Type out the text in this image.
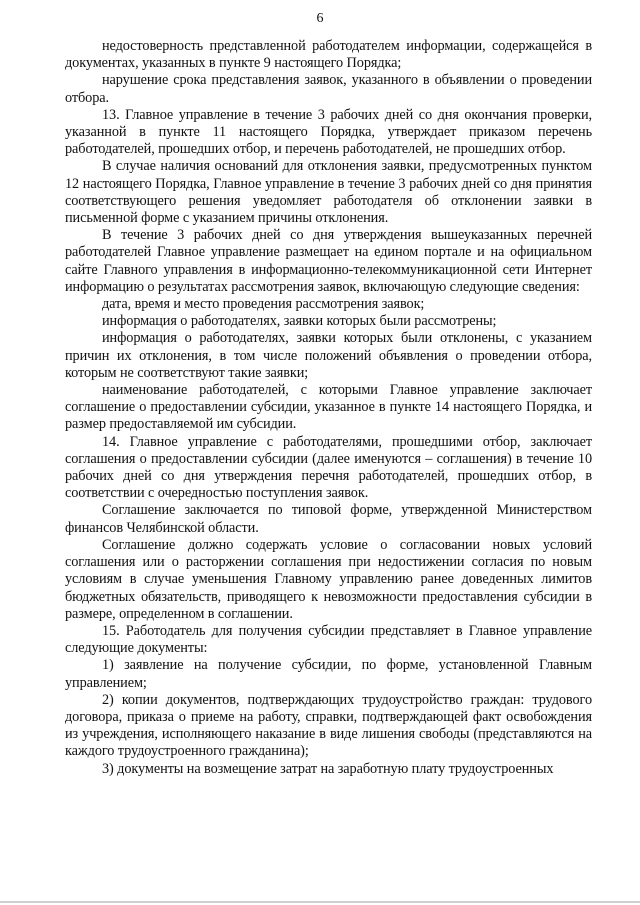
6

недостоверность представленной работодателем информации, содержащейся в документах, указанных в пункте 9 настоящего Порядка;

нарушение срока представления заявок, указанного в объявлении о проведении отбора.

13. Главное управление в течение 3 рабочих дней со дня окончания проверки, указанной в пункте 11 настоящего Порядка, утверждает приказом перечень работодателей, прошедших отбор, и перечень работодателей, не прошедших отбор.

В случае наличия оснований для отклонения заявки, предусмотренных пунктом 12 настоящего Порядка, Главное управление в течение 3 рабочих дней со дня принятия соответствующего решения уведомляет работодателя об отклонении заявки в письменной форме с указанием причины отклонения.

В течение 3 рабочих дней со дня утверждения вышеуказанных перечней работодателей Главное управление размещает на едином портале и на официальном сайте Главного управления в информационно-телекоммуникационной сети Интернет информацию о результатах рассмотрения заявок, включающую следующие сведения:

дата, время и место проведения рассмотрения заявок;

информация о работодателях, заявки которых были рассмотрены;

информация о работодателях, заявки которых были отклонены, с указанием причин их отклонения, в том числе положений объявления о проведении отбора, которым не соответствуют такие заявки;

наименование работодателей, с которыми Главное управление заключает соглашение о предоставлении субсидии, указанное в пункте 14 настоящего Порядка, и размер предоставляемой им субсидии.

14. Главное управление с работодателями, прошедшими отбор, заключает соглашения о предоставлении субсидии (далее именуются – соглашения) в течение 10 рабочих дней со дня утверждения перечня работодателей, прошедших отбор, в соответствии с очередностью поступления заявок.

Соглашение заключается по типовой форме, утвержденной Министерством финансов Челябинской области.

Соглашение должно содержать условие о согласовании новых условий соглашения или о расторжении соглашения при недостижении согласия по новым условиям в случае уменьшения Главному управлению ранее доведенных лимитов бюджетных обязательств, приводящего к невозможности предоставления субсидии в размере, определенном в соглашении.

15. Работодатель для получения субсидии представляет в Главное управление следующие документы:

1) заявление на получение субсидии, по форме, установленной Главным управлением;

2) копии документов, подтверждающих трудоустройство граждан: трудового договора, приказа о приеме на работу, справки, подтверждающей факт освобождения из учреждения, исполняющего наказание в виде лишения свободы (представляются на каждого трудоустроенного гражданина);

3) документы на возмещение затрат на заработную плату трудоустроенных
